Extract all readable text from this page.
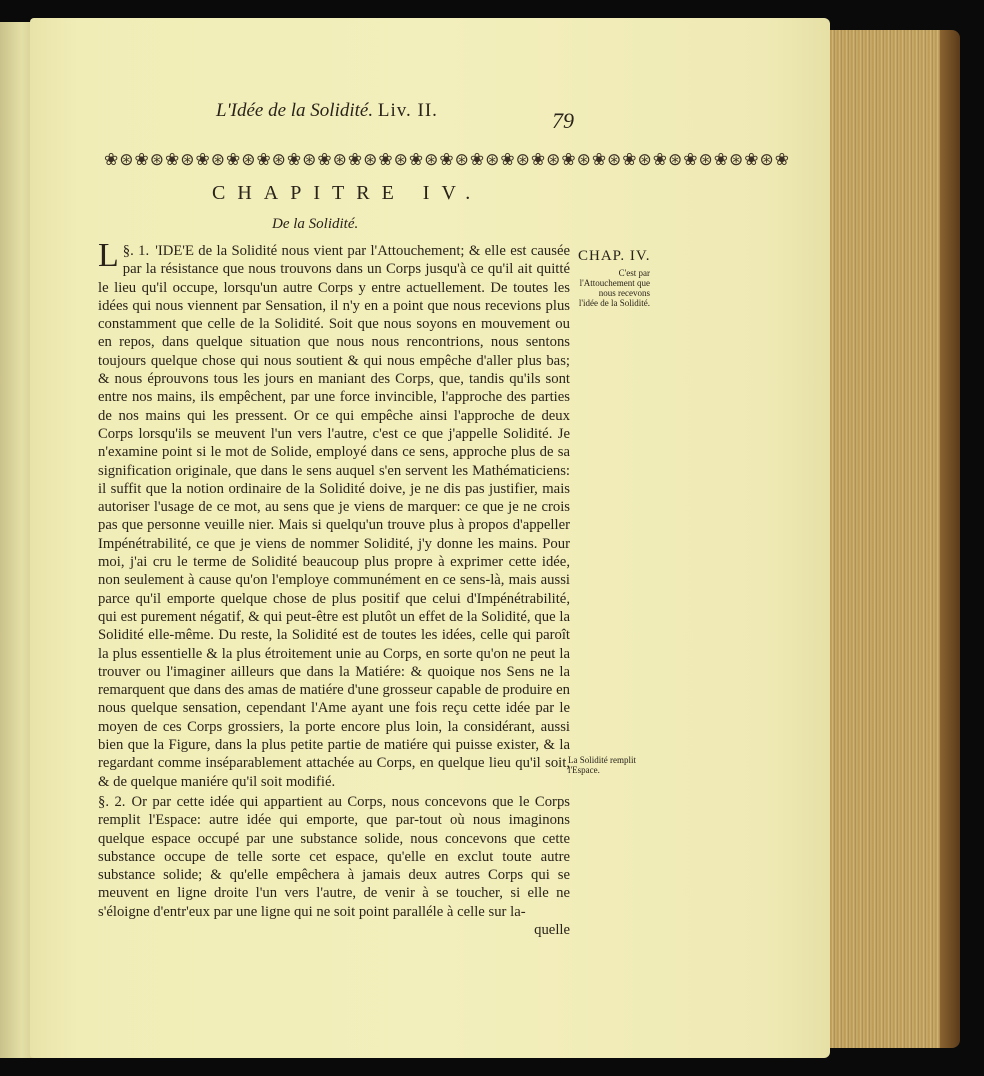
L'Idée de la Solidité. Liv. II.	79
❀⊛❀⊛❀⊛❀⊛❀⊛❀⊛❀⊛❀⊛❀⊛❀⊛❀⊛❀⊛❀⊛❀⊛❀⊛❀⊛❀⊛❀⊛❀⊛❀⊛❀⊛❀⊛❀
CHAPITRE IV.
De la Solidité.

§. 1.
L 'IDE'E de la Solidité nous vient par l'Attouchement; & elle est causée par la résistance que nous trouvons dans un Corps jusqu'à ce qu'il ait quitté le lieu qu'il occupe, lorsqu'un autre Corps y entre actuellement. De toutes les idées qui nous viennent par Sensation, il n'y en a point que nous recevions plus constamment que celle de la Solidité. Soit que nous soyons en mouvement ou en repos, dans quelque situation que nous nous rencontrions, nous sentons toujours quelque chose qui nous soutient & qui nous empêche d'aller plus bas; & nous éprouvons tous les jours en maniant des Corps, que, tandis qu'ils sont entre nos mains, ils empêchent, par une force invincible, l'approche des parties de nos mains qui les pressent. Or ce qui empêche ainsi l'approche de deux Corps lorsqu'ils se meuvent l'un vers l'autre, c'est ce que j'appelle Solidité. Je n'examine point si le mot de Solide, employé dans ce sens, approche plus de sa signification originale, que dans le sens auquel s'en servent les Mathématiciens: il suffit que la notion ordinaire de la Solidité doive, je ne dis pas justifier, mais autoriser l'usage de ce mot, au sens que je viens de marquer: ce que je ne crois pas que personne veuille nier. Mais si quelqu'un trouve plus à propos d'appeller Impénétrabilité, ce que je viens de nommer Solidité, j'y donne les mains. Pour moi, j'ai cru le terme de Solidité beaucoup plus propre à exprimer cette idée, non seulement à cause qu'on l'employe communément en ce sens-là, mais aussi parce qu'il emporte quelque chose de plus positif que celui d'Impénétrabilité, qui est purement négatif, & qui peut-être est plutôt un effet de la Solidité, que la Solidité elle-même. Du reste, la Solidité est de toutes les idées, celle qui paroît la plus essentielle & la plus étroitement unie au Corps, en sorte qu'on ne peut la trouver ou l'imaginer ailleurs que dans la Matiére: & quoique nos Sens ne la remarquent que dans des amas de matiére d'une grosseur capable de produire en nous quelque sensation, cependant l'Ame ayant une fois reçu cette idée par le moyen de ces Corps grossiers, la porte encore plus loin, la considérant, aussi bien que la Figure, dans la plus petite partie de matiére qui puisse exister, & la regardant comme inséparablement attachée au Corps, en quelque lieu qu'il soit, & de quelque maniére qu'il soit modifié.

§. 2. Or par cette idée qui appartient au Corps, nous concevons que le Corps remplit l'Espace: autre idée qui emporte, que par-tout où nous imaginons quelque espace occupé par une substance solide, nous concevons que cette substance occupe de telle sorte cet espace, qu'elle en exclut toute autre substance solide; & qu'elle empêchera à jamais deux autres Corps qui se meuvent en ligne droite l'un vers l'autre, de venir à se toucher, si elle ne s'éloigne d'entr'eux par une ligne qui ne soit point paralléle à celle sur la-

quelle

CHAP. IV.
C'est par l'Attouchement que nous recevons l'idée de la Solidité.
La Solidité remplit l'Espace.
